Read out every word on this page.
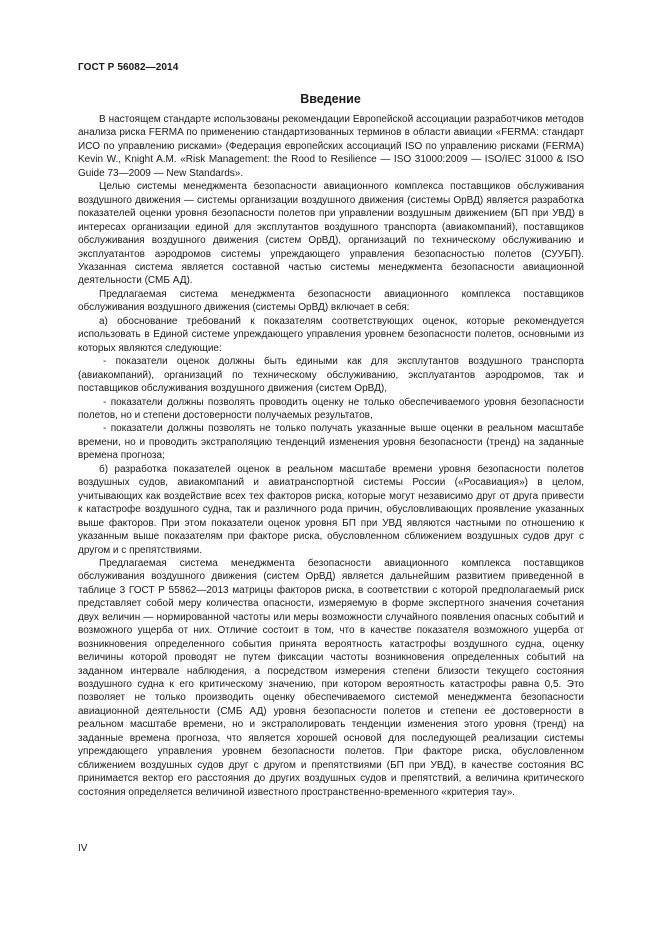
ГОСТ Р 56082—2014
Введение

В настоящем стандарте использованы рекомендации Европейской ассоциации разработчиков методов анализа риска FERMA по применению стандартизованных терминов в области авиации «FERMA: стандарт ИСО по управлению рисками» (Федерация европейских ассоциаций ISO по управлению рисками (FERMA) Kevin W., Knight A.M. «Risk Management: the Rood to Resilience — ISO 31000:2009 — ISO/IEC 31000 & ISO Guide 73—2009 — New Standards».

Целью системы менеджмента безопасности авиационного комплекса поставщиков обслуживания воздушного движения — системы организации воздушного движения (системы ОрВД) является разработка показателей оценки уровня безопасности полетов при управлении воздушным движением (БП при УВД) в интересах организации единой для эксплутантов воздушного транспорта (авиакомпаний), поставщиков обслуживания воздушного движения (систем ОрВД), организаций по техническому обслуживанию и эксплуатантов аэродромов системы упреждающего управления безопасностью полетов (СУУБП). Указанная система является составной частью системы менеджмента безопасности авиационной деятельности (СМБ АД).

Предлагаемая система менеджмента безопасности авиационного комплекса поставщиков обслуживания воздушного движения (системы ОрВД) включает в себя:

а) обоснование требований к показателям соответствующих оценок, которые рекомендуется использовать в Единой системе упреждающего управления уровнем безопасности полетов, основными из которых являются следующие:

- показатели оценок должны быть едиными как для эксплутантов воздушного транспорта (авиакомпаний), организаций по техническому обслуживанию, эксплуатантов аэродромов, так и поставщиков обслуживания воздушного движения (систем ОрВД),

- показатели должны позволять проводить оценку не только обеспечиваемого уровня безопасности полетов, но и степени достоверности получаемых результатов,

- показатели должны позволять не только получать указанные выше оценки в реальном масштабе времени, но и проводить экстраполяцию тенденций изменения уровня безопасности (тренд) на заданные времена прогноза;

б) разработка показателей оценок в реальном масштабе времени уровня безопасности полетов воздушных судов, авиакомпаний и авиатранспортной системы России («Росавиация») в целом, учитывающих как воздействие всех тех факторов риска, которые могут независимо друг от друга привести к катастрофе воздушного судна, так и различного рода причин, обусловливающих проявление указанных выше факторов. При этом показатели оценок уровня БП при УВД являются частными по отношению к указанным выше показателям при факторе риска, обусловленном сближением воздушных судов друг с другом и с препятствиями.

Предлагаемая система менеджмента безопасности авиационного комплекса поставщиков обслуживания воздушного движения (систем ОрВД) является дальнейшим развитием приведенной в таблице 3 ГОСТ Р 55862—2013 матрицы факторов риска, в соответствии с которой предполагаемый риск представляет собой меру количества опасности, измеряемую в форме экспертного значения сочетания двух величин — нормированной частоты или меры возможности случайного появления опасных событий и возможного ущерба от них. Отличие состоит в том, что в качестве показателя возможного ущерба от возникновения определенного события принята вероятность катастрофы воздушного судна, оценку величины которой проводят не путем фиксации частоты возникновения определенных событий на заданном интервале наблюдения, а посредством измерения степени близости текущего состояния воздушного судна к его критическому значению, при котором вероятность катастрофы равна 0,5. Это позволяет не только производить оценку обеспечиваемого системой менеджмента безопасности авиационной деятельности (СМБ АД) уровня безопасности полетов и степени ее достоверности в реальном масштабе времени, но и экстраполировать тенденции изменения этого уровня (тренд) на заданные времена прогноза, что является хорошей основой для последующей реализации системы упреждающего управления уровнем безопасности полетов. При факторе риска, обусловленном сближением воздушных судов друг с другом и препятствиями (БП при УВД), в качестве состояния ВС принимается вектор его расстояния до других воздушных судов и препятствий, а величина критического состояния определяется величиной известного пространственно-временного «критерия тау».

IV
